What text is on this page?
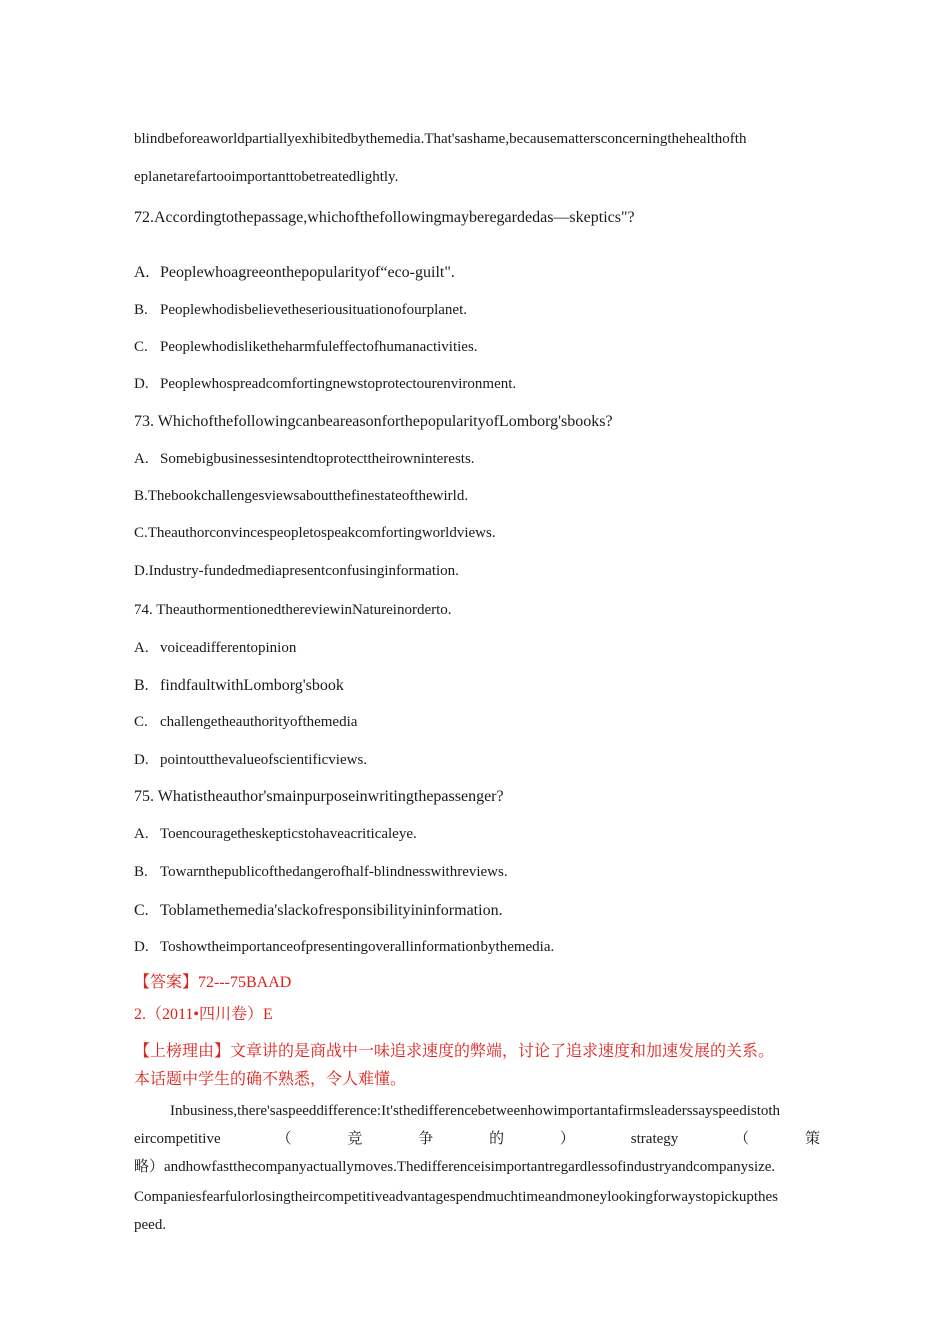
blindbeforeaworldpartiallyexhibitedbythemedia.That'sashame,becausemattersconcerningthehealthofth
eplanetarefartooimportanttobetreatedlightly.
72.Accordingtothepassage,whichofthefollowingmayberegardedas—skeptics"?
A. Peoplewhoagreeonthepopularityof“eco-guilt".
B. Peoplewhodisbelievetheseriousituationofourplanet.
C. Peoplewhodisliketheharmfuleffectofhumanactivities.
D. Peoplewhospreadcomfortingnewstoprotectourenvironment.
73. WhichofthefollowingcanbeareasonforthepopularityofLomborg'sbooks?
A. Somebigbusinessesintendtoprotecttheirowninterests.
B.Thebookchallengesviewsaboutthefinestateofthewirld.
C.Theauthorconvincespeopletospeakcomfortingworldviews.
D.Industry-fundedmediapresentconfusinginformation.
74. TheauthormentionedthereviewinNatureinorderto.
A. voiceadifferentopinion
B. findfaultwithLomborg'sbook
C. challengetheauthorityofthemedia
D. pointoutthevalueofscientificviews.
75. Whatistheauthor'smainpurposeinwritingthepassenger?
A. Toencouragetheskepticstohaveacriticaleye.
B. Towarnthepublicofthedangerofhalf-blindnesswithreviews.
C. Toblamethemedia'slackofresponsibilityininformation.
D. Toshowtheimportanceofpresentingoverallinformationbythemedia.
【答案】72---75BAAD
2.（2011•四川卷）E
【上榜理由】文章讲的是商战中一味追求速度的弊端，讨论了追求速度和加速发展的关系。
本话题中学生的确不熟悉，令人难懂。
Inbusiness,there'saspeeddifference:It'sthedifferencebetweenhowimportantafirmsleaderssayspeedistoth
eircompetitive	（	竞	争	的	）	strategy	（	策
略）andhowfastthecompanyactuallymoves.Thedifferenceisimportantregardlessofindustryandcompanysize.
Companiesfearfulorlosingtheircompetitiveadvantagespendmuchtimeandmoneylookingforwaystopickupthes
peed.
